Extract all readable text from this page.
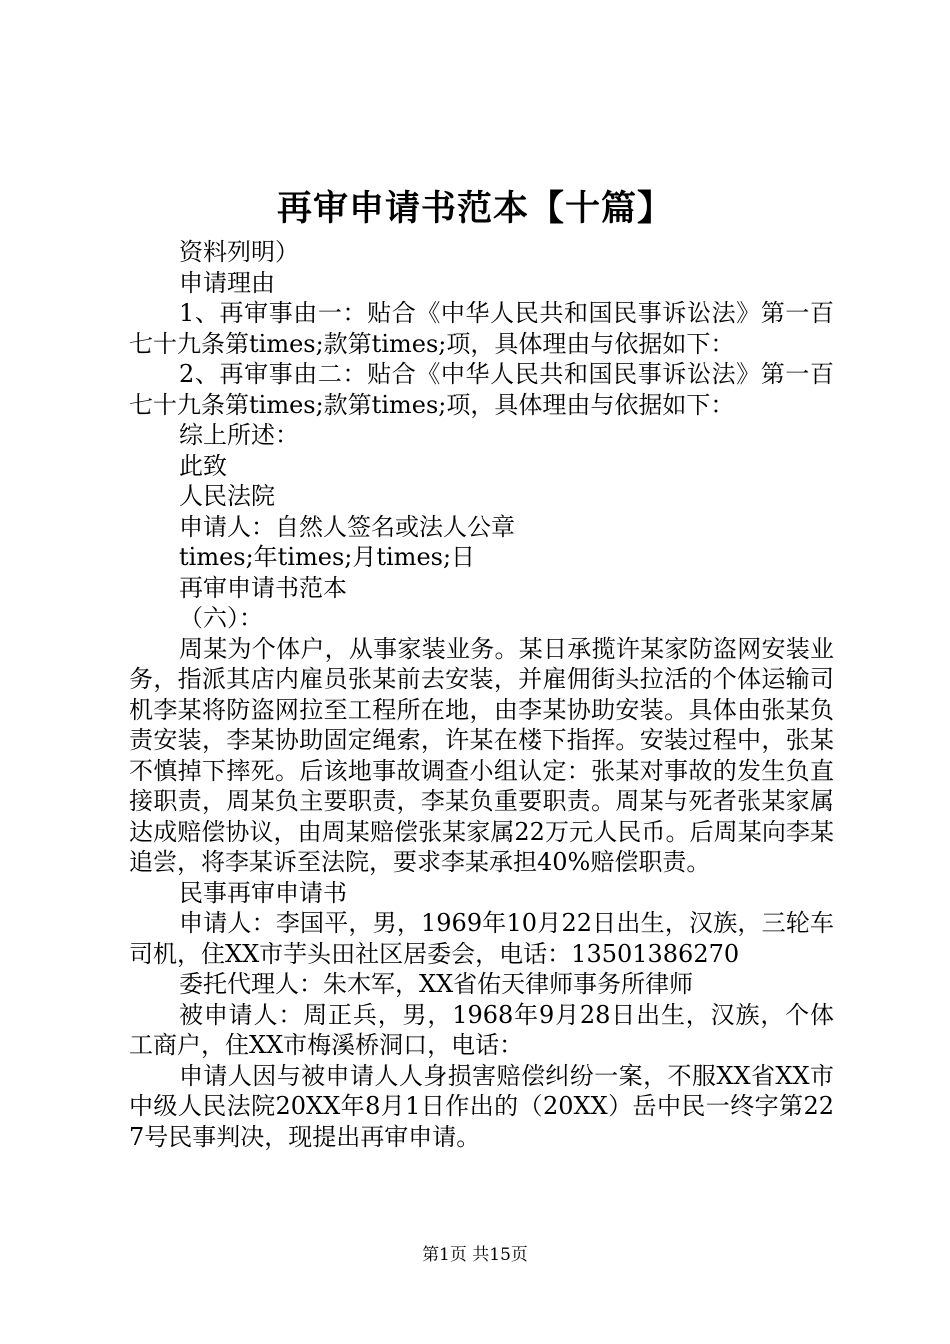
再审申请书范本【十篇】

资料列明）

申请理由

1、再审事由一：贴合《中华人民共和国民事诉讼法》第一百七十九条第times;款第times;项，具体理由与依据如下：

2、再审事由二：贴合《中华人民共和国民事诉讼法》第一百七十九条第times;款第times;项，具体理由与依据如下：

综上所述：

此致

人民法院

申请人：自然人签名或法人公章

times;年times;月times;日

再审申请书范本

（六）：

周某为个体户，从事家装业务。某日承揽许某家防盗网安装业务，指派其店内雇员张某前去安装，并雇佣街头拉活的个体运输司机李某将防盗网拉至工程所在地，由李某协助安装。具体由张某负责安装，李某协助固定绳索，许某在楼下指挥。安装过程中，张某不慎掉下摔死。后该地事故调查小组认定：张某对事故的发生负直接职责，周某负主要职责，李某负重要职责。周某与死者张某家属达成赔偿协议，由周某赔偿张某家属22万元人民币。后周某向李某追尝，将李某诉至法院，要求李某承担40%赔偿职责。

民事再审申请书

申请人：李国平，男，1969年10月22日出生，汉族，三轮车司机，住XX市芋头田社区居委会，电话：13501386270

委托代理人：朱木军，XX省佑天律师事务所律师

被申请人：周正兵，男，1968年9月28日出生，汉族，个体工商户，住XX市梅溪桥洞口，电话：

申请人因与被申请人人身损害赔偿纠纷一案，不服XX省XX市中级人民法院20XX年8月1日作出的（20XX）岳中民一终字第227号民事判决，现提出再审申请。

第1页 共15页
